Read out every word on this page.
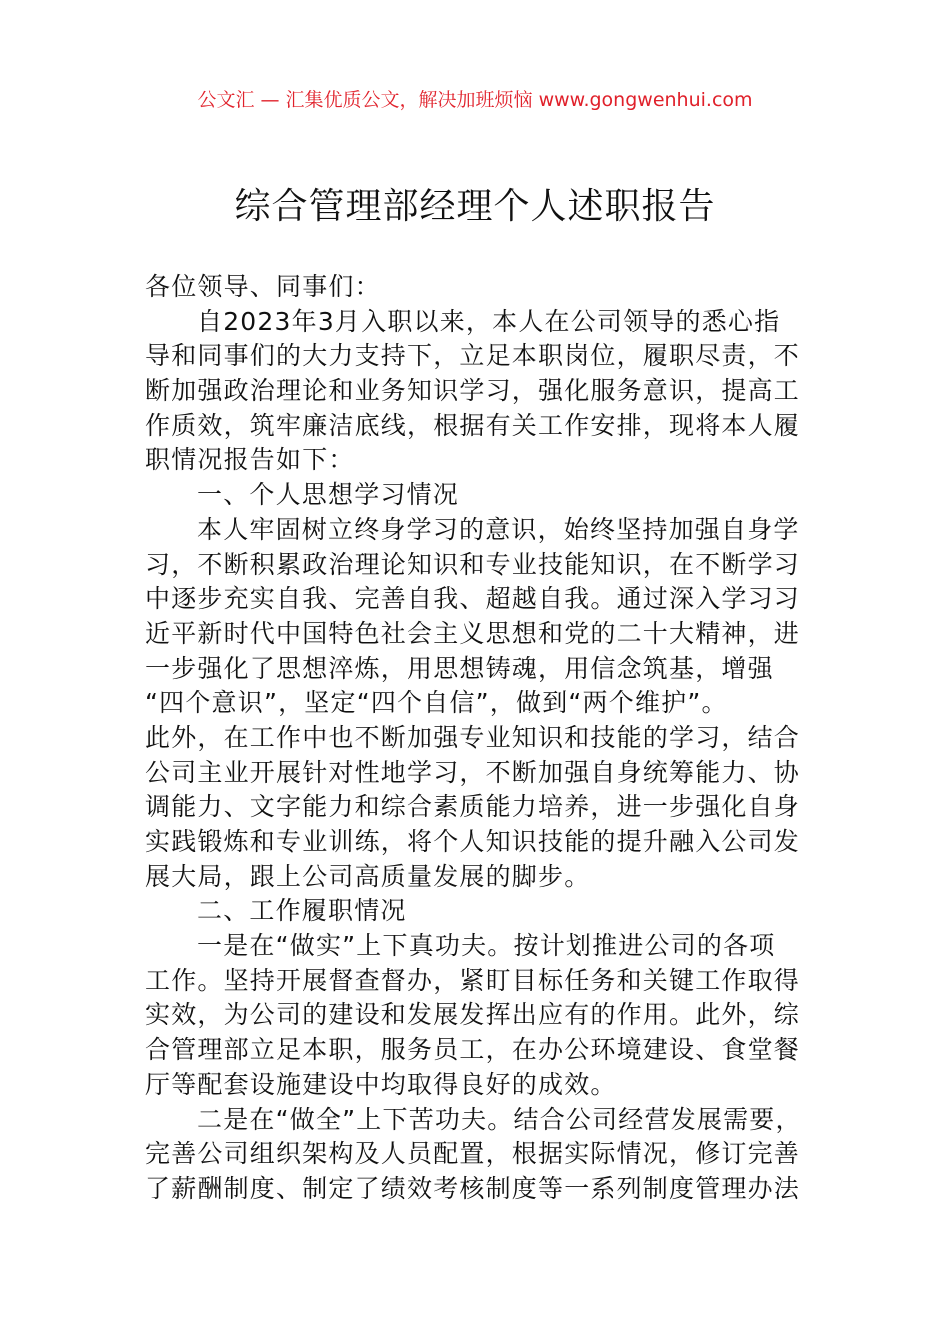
公文汇 — 汇集优质公文，解决加班烦恼 www.gongwenhui.com
综合管理部经理个人述职报告
各位领导、同事们：
自2023年3月入职以来，本人在公司领导的悉心指
导和同事们的大力支持下，立足本职岗位，履职尽责，不
断加强政治理论和业务知识学习，强化服务意识，提高工
作质效，筑牢廉洁底线，根据有关工作安排，现将本人履
职情况报告如下：
一、个人思想学习情况
本人牢固树立终身学习的意识，始终坚持加强自身学
习，不断积累政治理论知识和专业技能知识，在不断学习
中逐步充实自我、完善自我、超越自我。通过深入学习习
近平新时代中国特色社会主义思想和党的二十大精神，进
一步强化了思想淬炼，用思想铸魂，用信念筑基，增强
“四个意识”，坚定“四个自信”，做到“两个维护”。
此外，在工作中也不断加强专业知识和技能的学习，结合
公司主业开展针对性地学习，不断加强自身统筹能力、协
调能力、文字能力和综合素质能力培养，进一步强化自身
实践锻炼和专业训练，将个人知识技能的提升融入公司发
展大局，跟上公司高质量发展的脚步。
二、工作履职情况
一是在“做实”上下真功夫。按计划推进公司的各项
工作。坚持开展督查督办，紧盯目标任务和关键工作取得
实效，为公司的建设和发展发挥出应有的作用。此外，综
合管理部立足本职，服务员工，在办公环境建设、食堂餐
厅等配套设施建设中均取得良好的成效。
二是在“做全”上下苦功夫。结合公司经营发展需要，
完善公司组织架构及人员配置，根据实际情况，修订完善
了薪酬制度、制定了绩效考核制度等一系列制度管理办法
